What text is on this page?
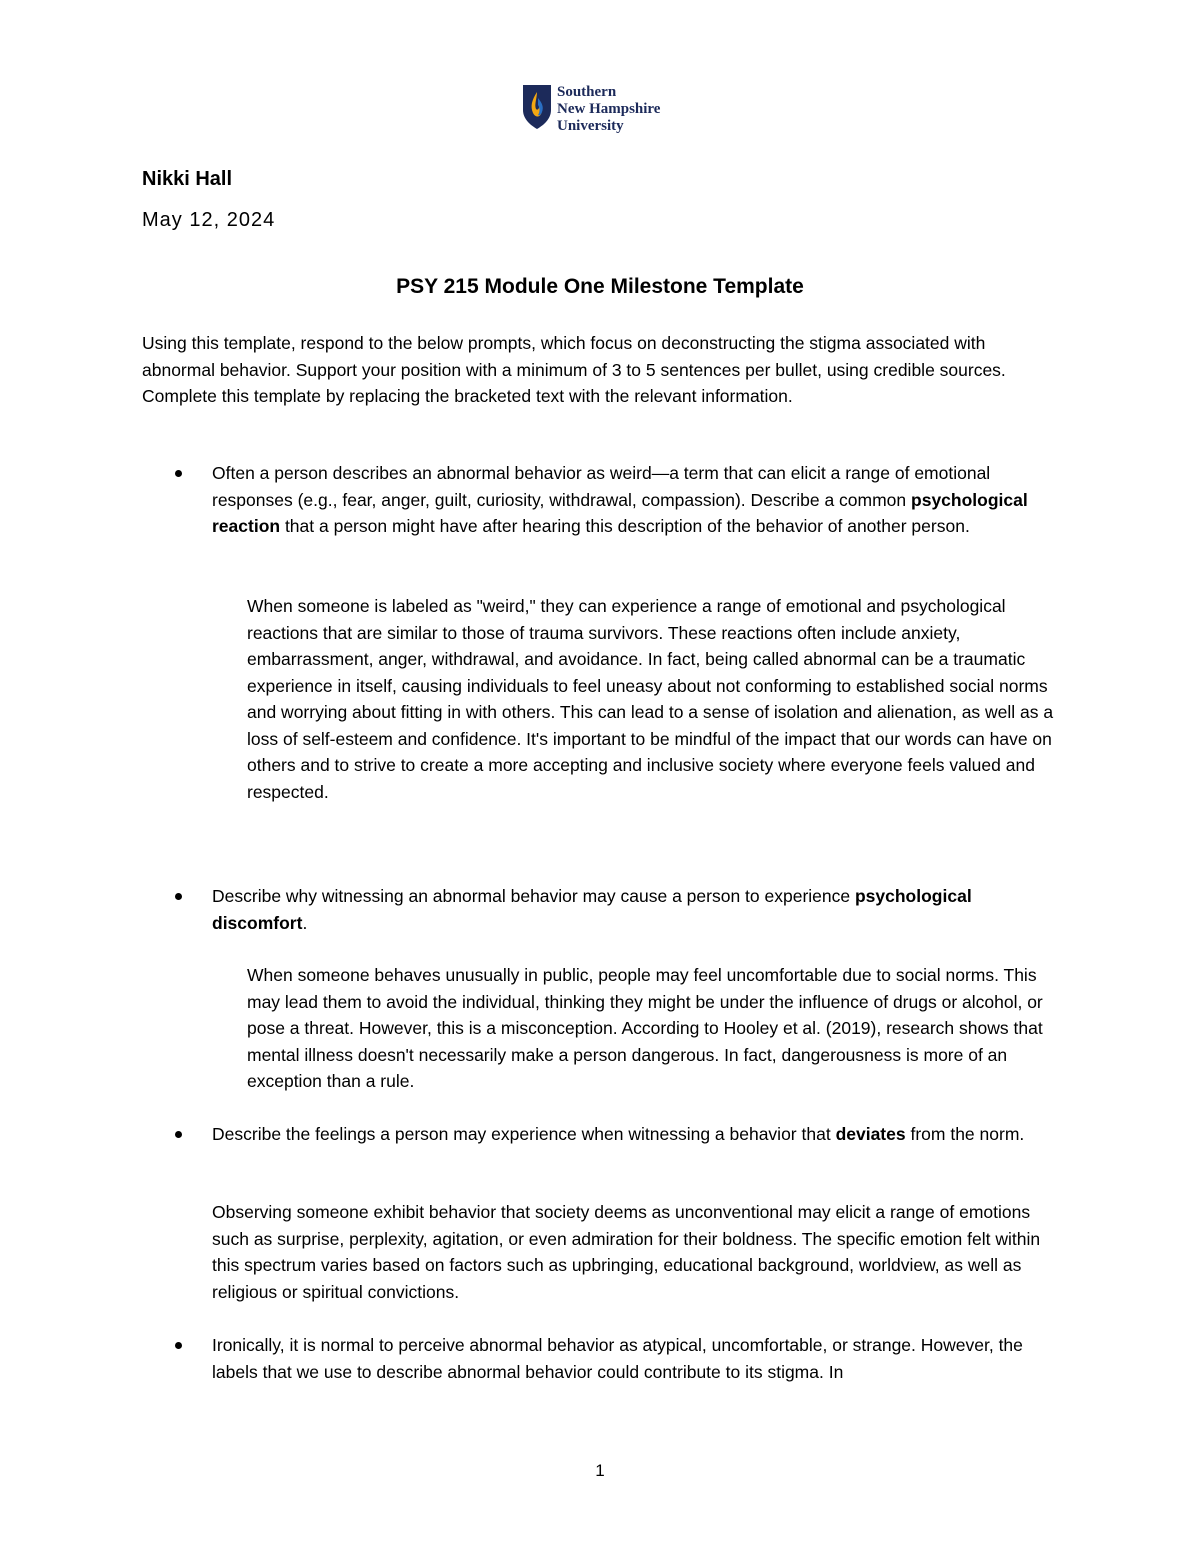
Southern
New Hampshire
University
Nikki Hall
May 12, 2024
PSY 215 Module One Milestone Template
Using this template, respond to the below prompts, which focus on deconstructing the stigma associated with abnormal behavior. Support your position with a minimum of 3 to 5 sentences per bullet, using credible sources. Complete this template by replacing the bracketed text with the relevant information.
Often a person describes an abnormal behavior as weird—a term that can elicit a range of emotional responses (e.g., fear, anger, guilt, curiosity, withdrawal, compassion). Describe a common psychological reaction that a person might have after hearing this description of the behavior of another person.
When someone is labeled as "weird," they can experience a range of emotional and psychological reactions that are similar to those of trauma survivors. These reactions often include anxiety, embarrassment, anger, withdrawal, and avoidance. In fact, being called abnormal can be a traumatic experience in itself, causing individuals to feel uneasy about not conforming to established social norms and worrying about fitting in with others. This can lead to a sense of isolation and alienation, as well as a loss of self-esteem and confidence. It's important to be mindful of the impact that our words can have on others and to strive to create a more accepting and inclusive society where everyone feels valued and respected.
Describe why witnessing an abnormal behavior may cause a person to experience psychological discomfort.
When someone behaves unusually in public, people may feel uncomfortable due to social norms. This may lead them to avoid the individual, thinking they might be under the influence of drugs or alcohol, or pose a threat. However, this is a misconception. According to Hooley et al. (2019), research shows that mental illness doesn't necessarily make a person dangerous. In fact, dangerousness is more of an exception than a rule.
Describe the feelings a person may experience when witnessing a behavior that deviates from the norm.
Observing someone exhibit behavior that society deems as unconventional may elicit a range of emotions such as surprise, perplexity, agitation, or even admiration for their boldness. The specific emotion felt within this spectrum varies based on factors such as upbringing, educational background, worldview, as well as religious or spiritual convictions.
Ironically, it is normal to perceive abnormal behavior as atypical, uncomfortable, or strange. However, the labels that we use to describe abnormal behavior could contribute to its stigma. In
1
